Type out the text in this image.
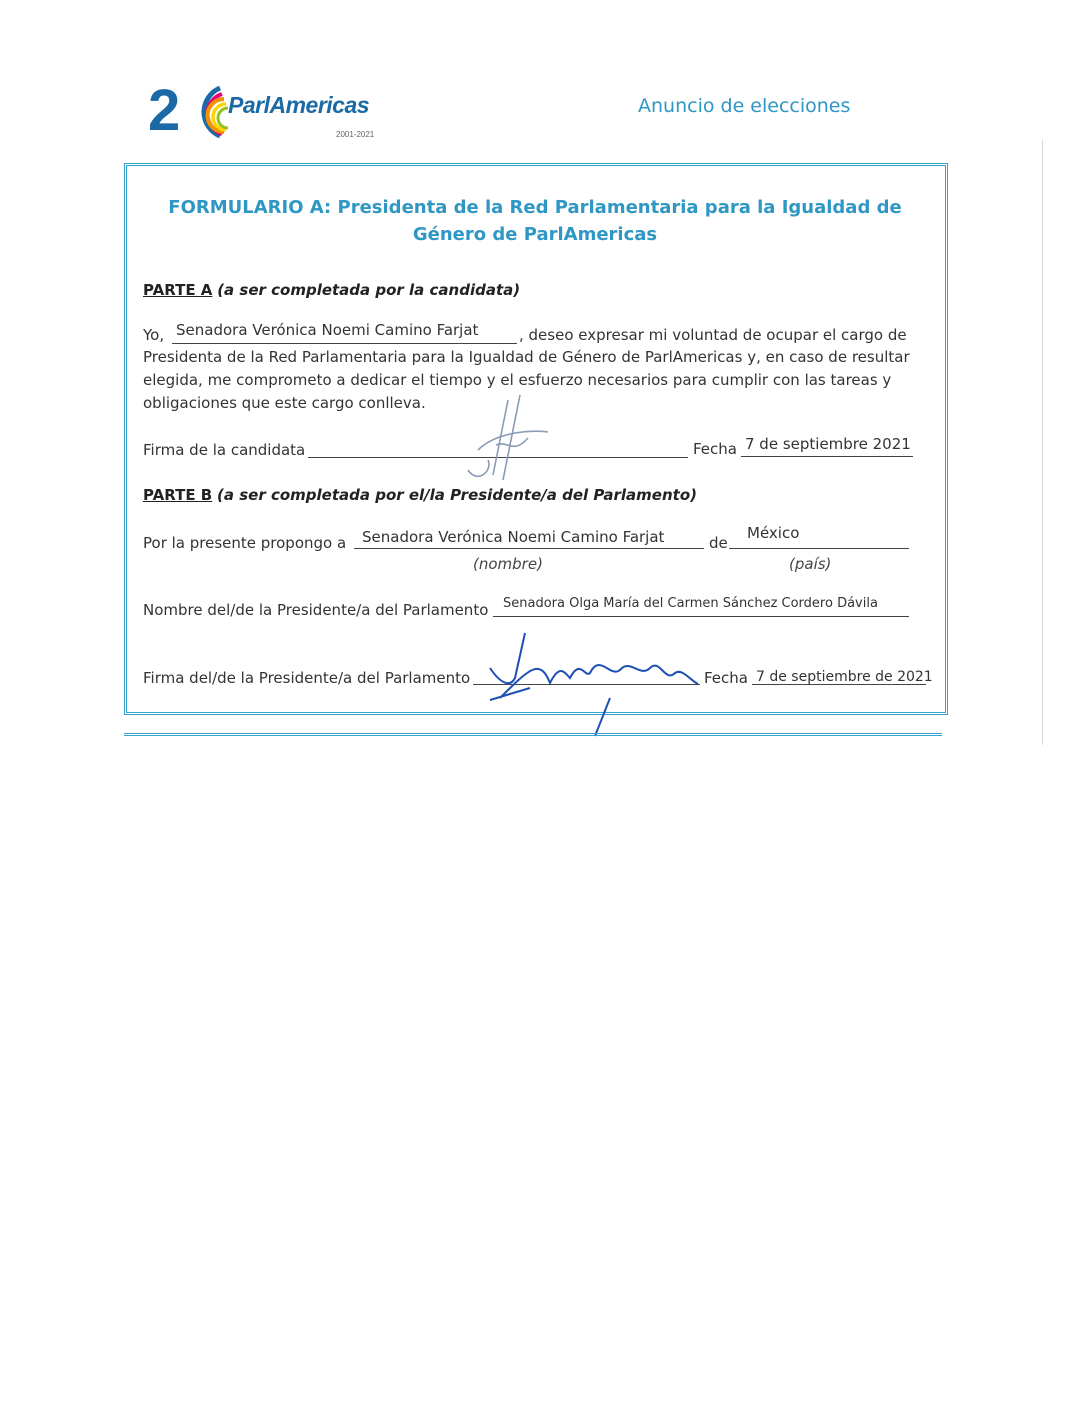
2 ParlAmericas
2001-2021
Anuncio de elecciones
FORMULARIO A: Presidenta de la Red Parlamentaria para la Igualdad de Género de ParlAmericas
PARTE A (a ser completada por la candidata)
Yo, Senadora Verónica Noemi Camino Farjat	, deseo expresar mi voluntad de ocupar el cargo de
Presidenta de la Red Parlamentaria para la Igualdad de Género de ParlAmericas y, en caso de resultar elegida, me comprometo a dedicar el tiempo y el esfuerzo necesarios para cumplir con las tareas y obligaciones que este cargo conlleva.
Firma de la candidata	Fecha 7 de septiembre 2021
PARTE B (a ser completada por el/la Presidente/a del Parlamento)
Por la presente propongo a Senadora Verónica Noemi Camino Farjat	de
México
(nombre)	(país)
Nombre del/de la Presidente/a del Parlamento Senadora Olga María del Carmen Sánchez Cordero Dávila
Firma del/de la Presidente/a del Parlamento	Fecha 7 de septiembre de 2021
